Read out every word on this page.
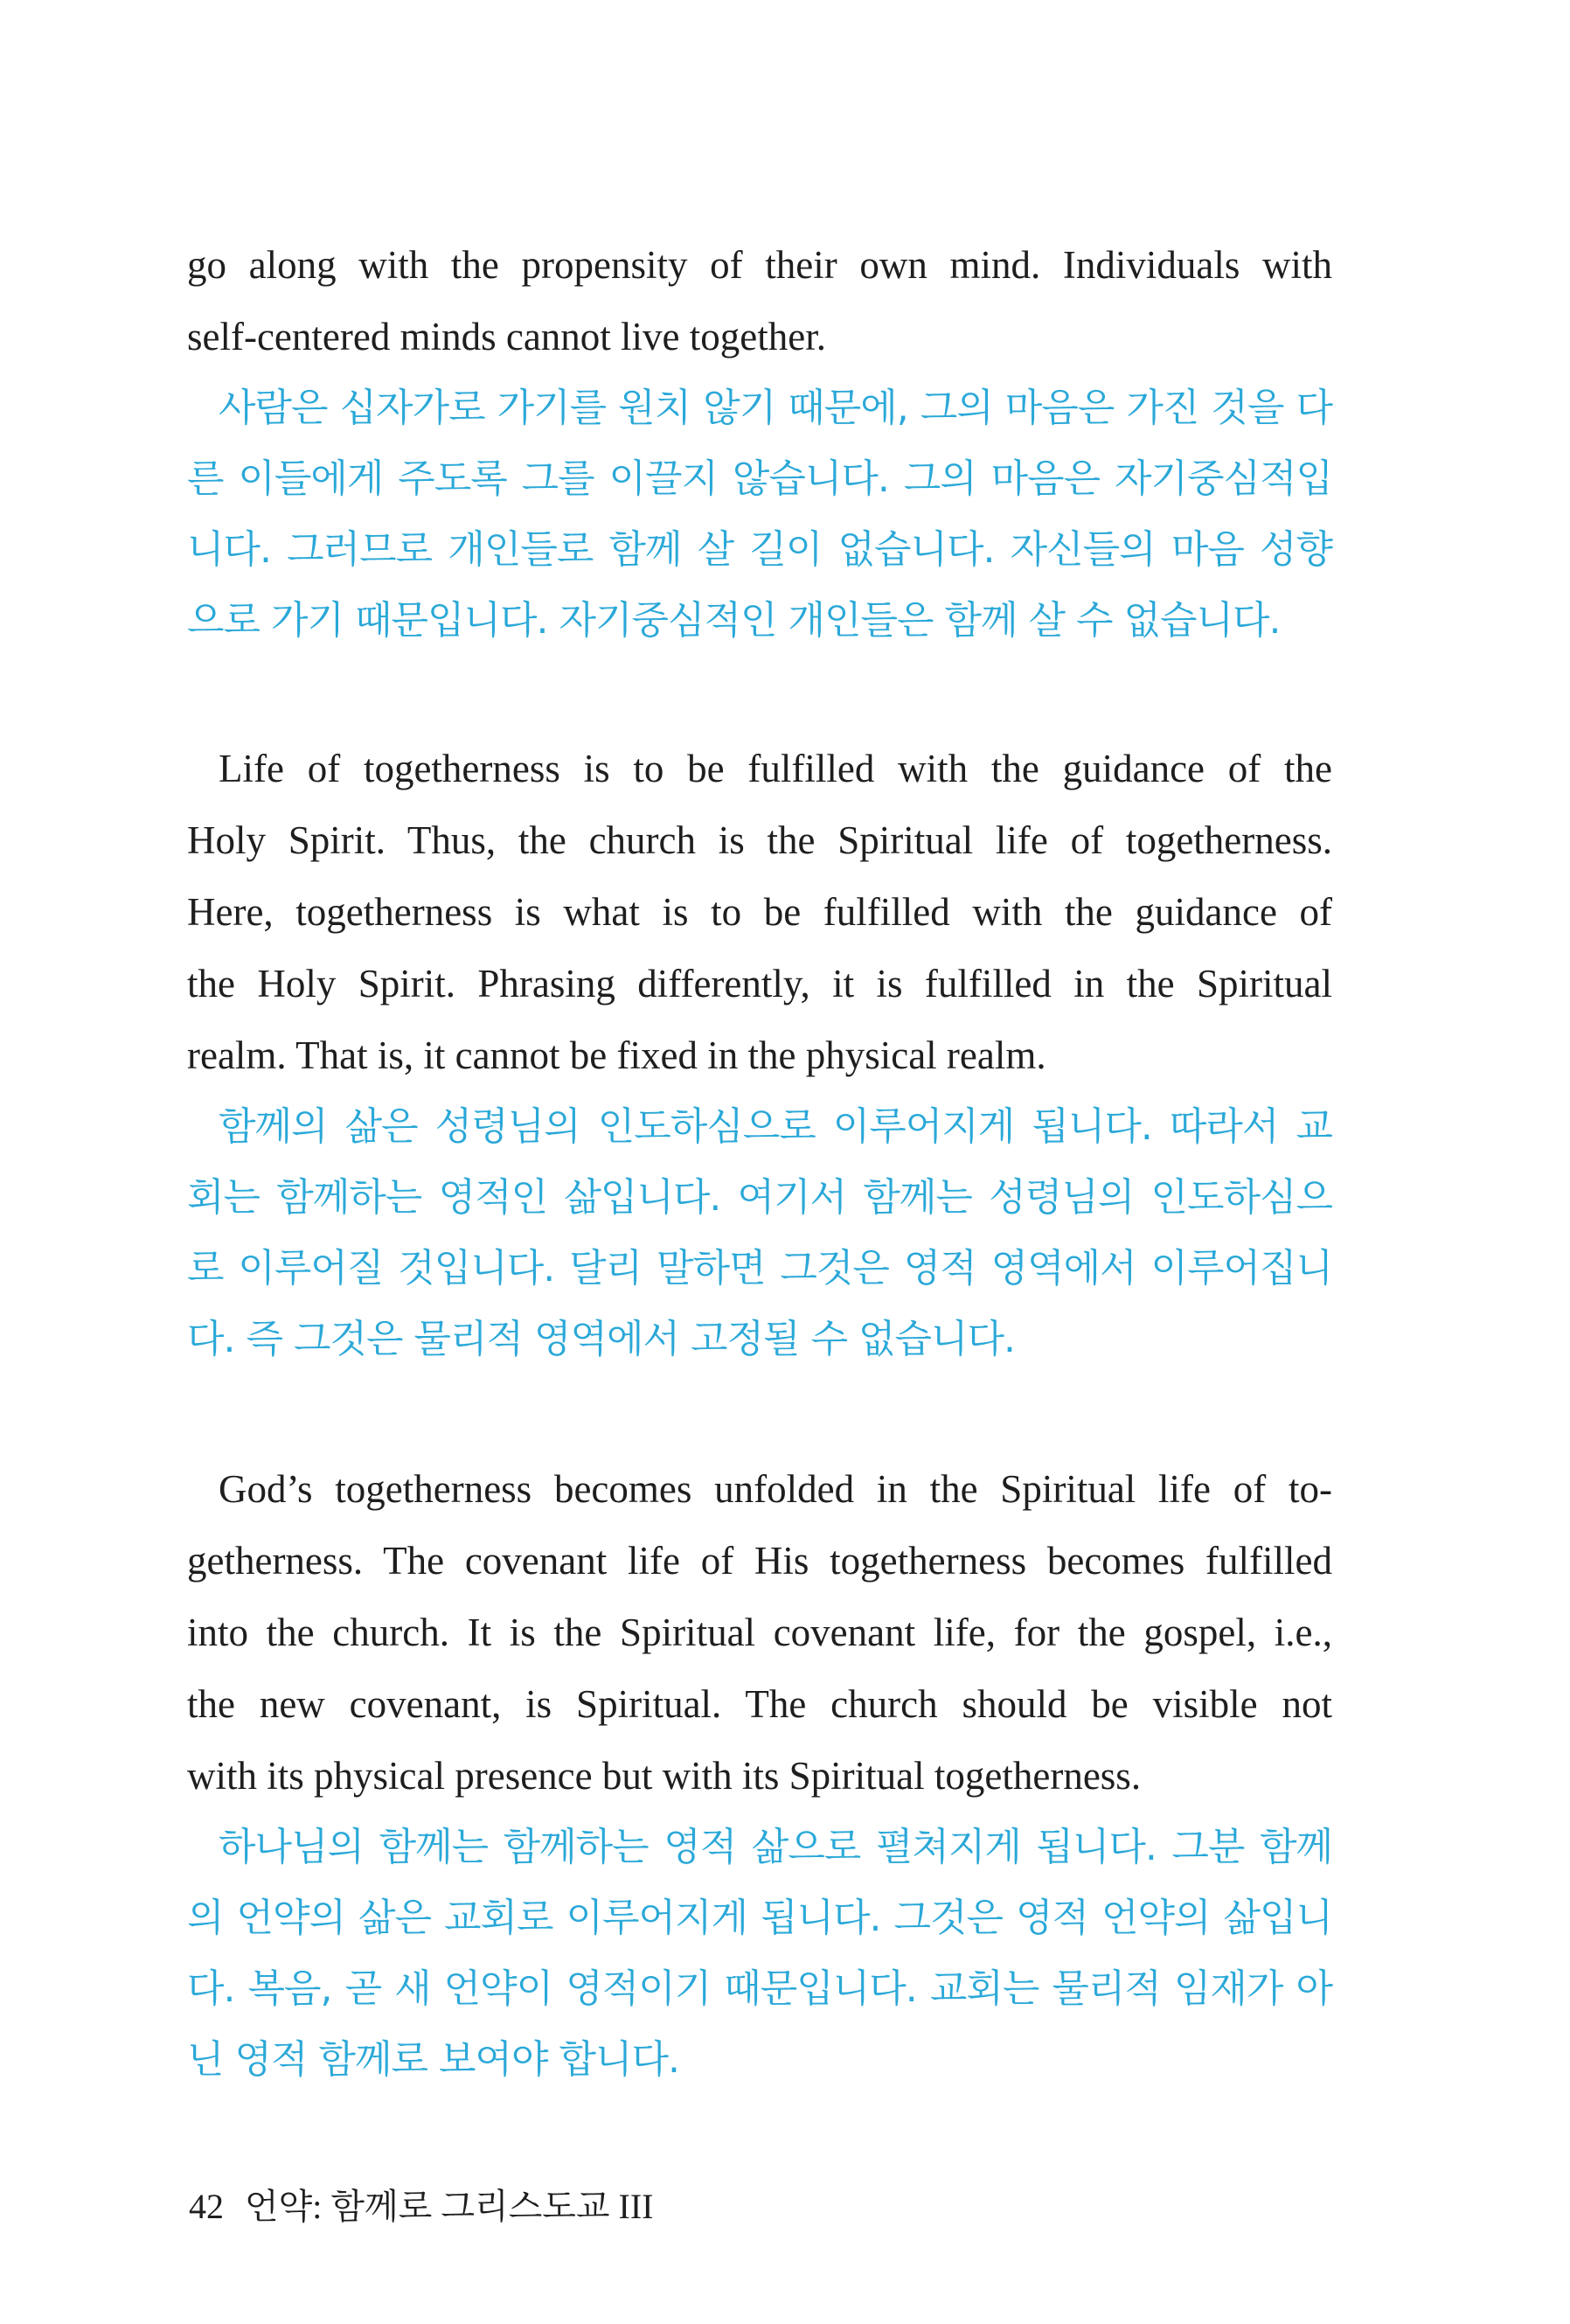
go along with the propensity of their own mind. Individuals with
self-centered minds cannot live together.

사람은 십자가로 가기를 원치 않기 때문에, 그의 마음은 가진 것을 다
른 이들에게 주도록 그를 이끌지 않습니다. 그의 마음은 자기중심적입
니다. 그러므로 개인들로 함께 살 길이 없습니다. 자신들의 마음 성향
으로 가기 때문입니다. 자기중심적인 개인들은 함께 살 수 없습니다.

Life of togetherness is to be fulfilled with the guidance of the
Holy Spirit. Thus, the church is the Spiritual life of togetherness.
Here, togetherness is what is to be fulfilled with the guidance of
the Holy Spirit. Phrasing differently, it is fulfilled in the Spiritual
realm. That is, it cannot be fixed in the physical realm.

함께의 삶은 성령님의 인도하심으로 이루어지게 됩니다. 따라서 교
회는 함께하는 영적인 삶입니다. 여기서 함께는 성령님의 인도하심으
로 이루어질 것입니다. 달리 말하면 그것은 영적 영역에서 이루어집니
다. 즉 그것은 물리적 영역에서 고정될 수 없습니다.

God’s togetherness becomes unfolded in the Spiritual life of to-
getherness. The covenant life of His togetherness becomes fulfilled
into the church. It is the Spiritual covenant life, for the gospel, i.e.,
the new covenant, is Spiritual. The church should be visible not
with its physical presence but with its Spiritual togetherness.

하나님의 함께는 함께하는 영적 삶으로 펼쳐지게 됩니다. 그분 함께
의 언약의 삶은 교회로 이루어지게 됩니다. 그것은 영적 언약의 삶입니
다. 복음, 곧 새 언약이 영적이기 때문입니다. 교회는 물리적 임재가 아
닌 영적 함께로 보여야 합니다.

42 언약: 함께로 그리스도교 III
